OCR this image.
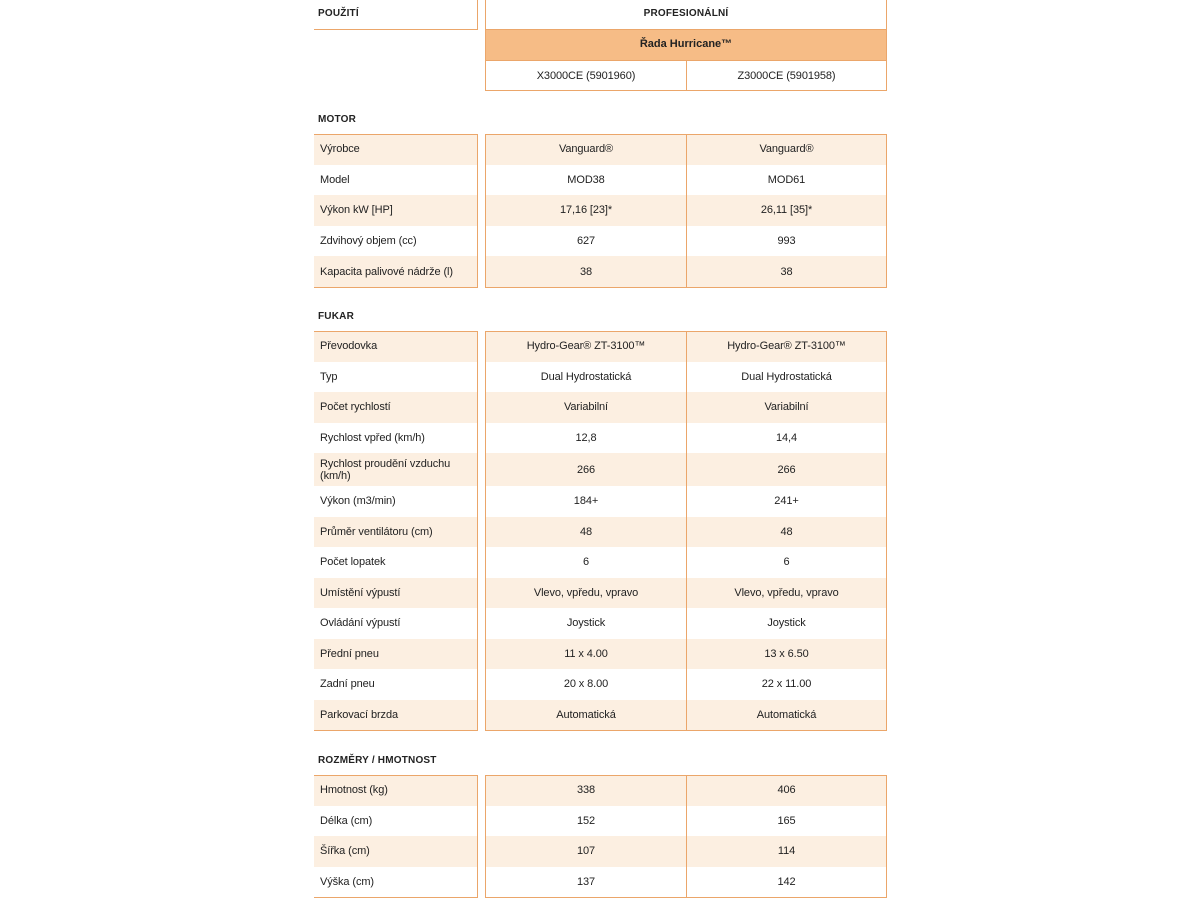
POUŽITÍ	PROFESIONÁLNÍ
Řada Hurricane™
X3000CE (5901960)	Z3000CE (5901958)
MOTOR
Výrobce	Vanguard®	Vanguard®
Model	MOD38	MOD61
Výkon kW [HP]	17,16 [23]*	26,11 [35]*
Zdvihový objem (cc)	627	993
Kapacita palivové nádrže (l)	38	38
FUKAR
Převodovka	Hydro-Gear® ZT-3100™	Hydro-Gear® ZT-3100™
Typ	Dual Hydrostatická	Dual Hydrostatická
Počet rychlostí	Variabilní	Variabilní
Rychlost vpřed (km/h)	12,8	14,4
Rychlost proudění vzduchu (km/h)	266	266
Výkon (m3/min)	184+	241+
Průměr ventilátoru (cm)	48	48
Počet lopatek	6	6
Umístění výpustí	Vlevo, vpředu, vpravo	Vlevo, vpředu, vpravo
Ovládání výpustí	Joystick	Joystick
Přední pneu	11 x 4.00	13 x 6.50
Zadní pneu	20 x 8.00	22 x 11.00
Parkovací brzda	Automatická	Automatická
ROZMĚRY / HMOTNOST
Hmotnost (kg)	338	406
Délka (cm)	152	165
Šířka (cm)	107	114
Výška (cm)	137	142
